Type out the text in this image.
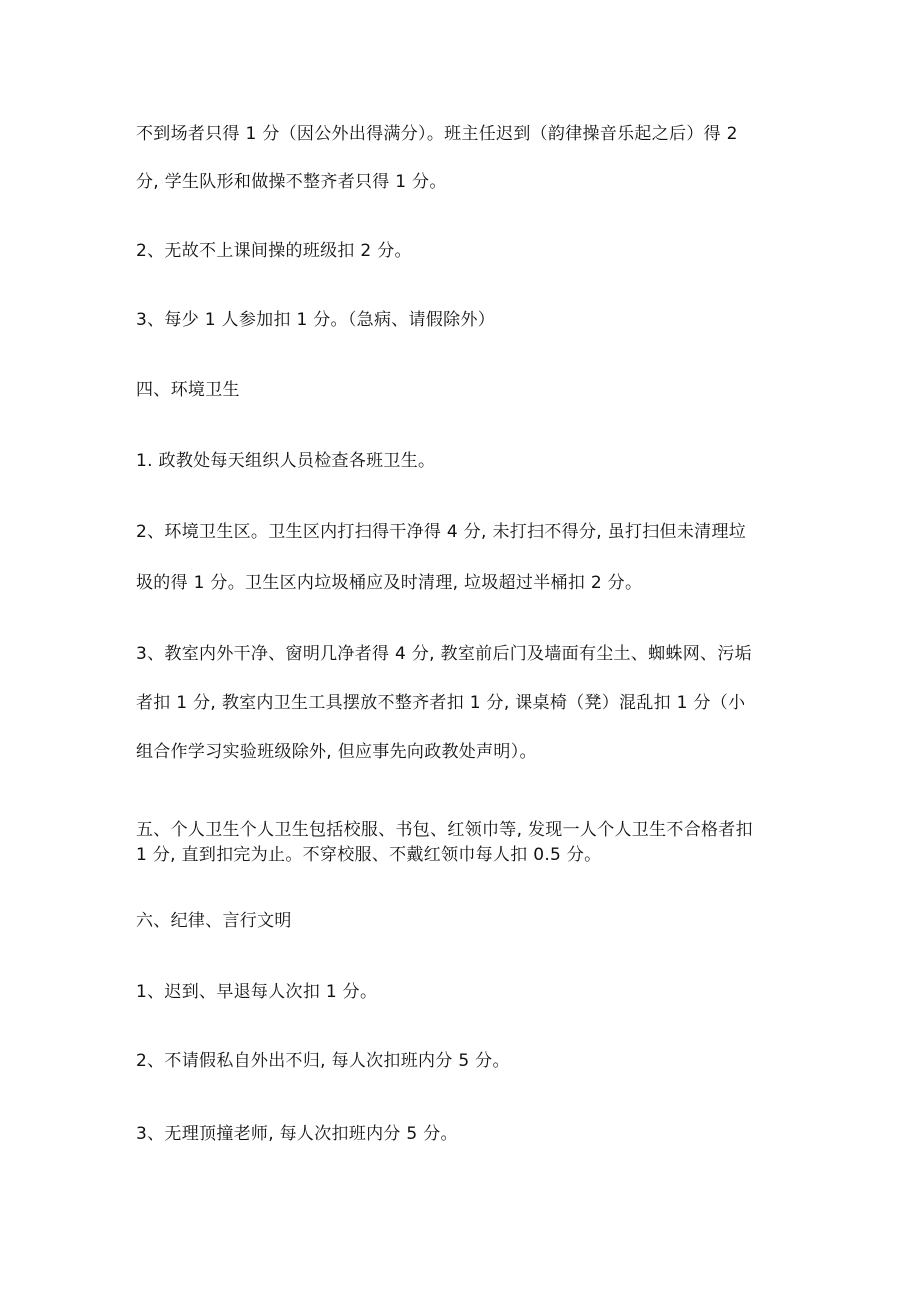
不到场者只得 1 分（因公外出得满分）。班主任迟到（韵律操音乐起之后）得 2

分, 学生队形和做操不整齐者只得 1 分。

2、无故不上课间操的班级扣 2 分。

3、每少 1 人参加扣 1 分。（急病、请假除外）

四、环境卫生

1. 政教处每天组织人员检查各班卫生。

2、环境卫生区。卫生区内打扫得干净得 4 分, 未打扫不得分, 虽打扫但未清理垃

圾的得 1 分。卫生区内垃圾桶应及时清理, 垃圾超过半桶扣 2 分。

3、教室内外干净、窗明几净者得 4 分, 教室前后门及墙面有尘土、蜘蛛网、污垢

者扣 1 分, 教室内卫生工具摆放不整齐者扣 1 分, 课桌椅（凳）混乱扣 1 分（小

组合作学习实验班级除外, 但应事先向政教处声明）。

五、个人卫生个人卫生包括校服、书包、红领巾等, 发现一人个人卫生不合格者扣

1 分, 直到扣完为止。不穿校服、不戴红领巾每人扣 0.5 分。

六、纪律、言行文明

1、迟到、早退每人次扣 1 分。

2、不请假私自外出不归, 每人次扣班内分 5 分。

3、无理顶撞老师, 每人次扣班内分 5 分。
